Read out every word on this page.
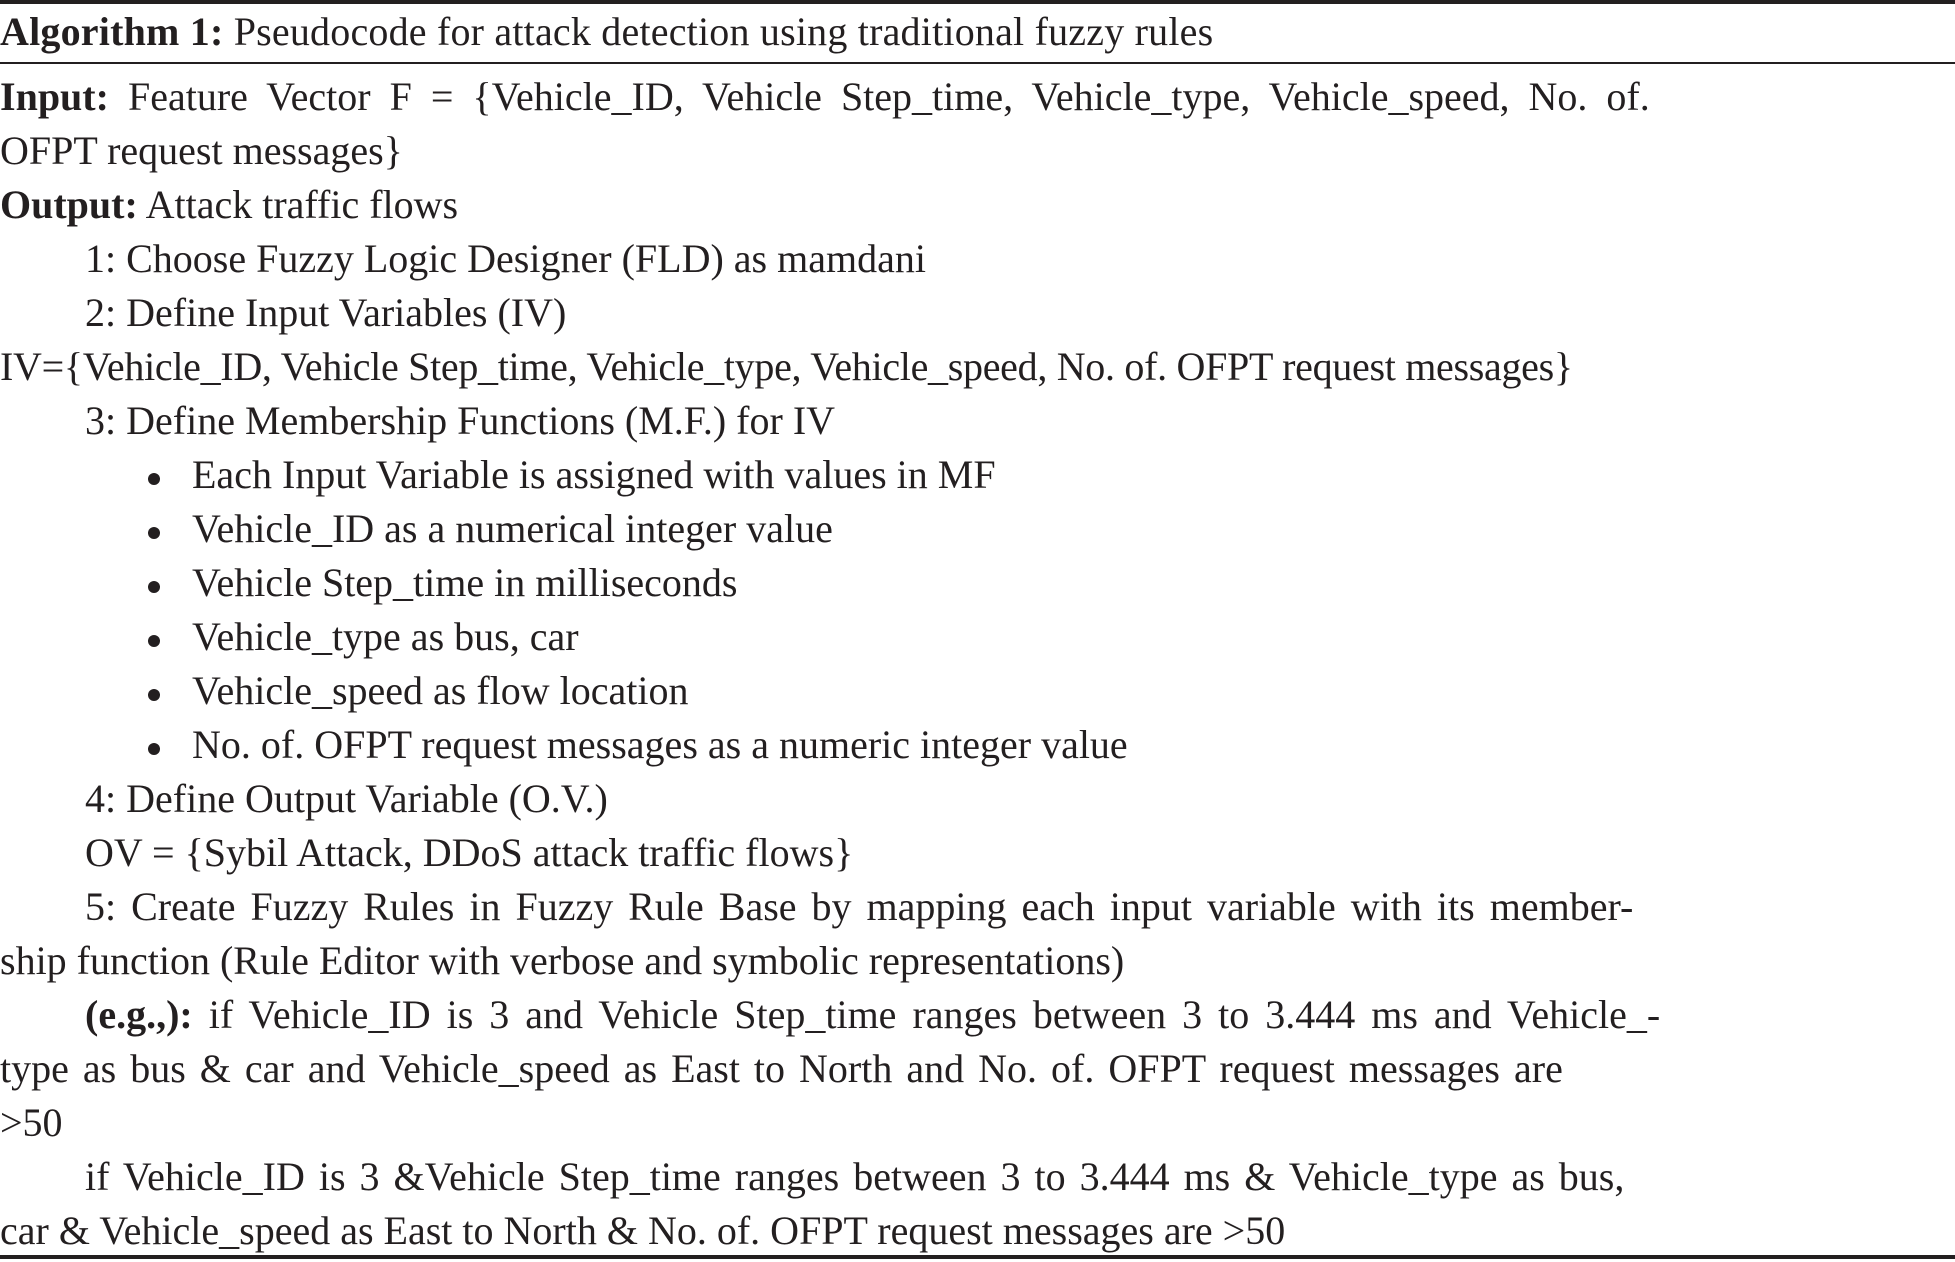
Algorithm 1: Pseudocode for attack detection using traditional fuzzy rules
Input: Feature Vector F = {Vehicle_ID, Vehicle Step_time, Vehicle_type, Vehicle_speed, No. of.
OFPT request messages}
Output: Attack traffic flows
1: Choose Fuzzy Logic Designer (FLD) as mamdani
2: Define Input Variables (IV)
IV={Vehicle_ID, Vehicle Step_time, Vehicle_type, Vehicle_speed, No. of. OFPT request messages}
3: Define Membership Functions (M.F.) for IV
Each Input Variable is assigned with values in MF
Vehicle_ID as a numerical integer value
Vehicle Step_time in milliseconds
Vehicle_type as bus, car
Vehicle_speed as flow location
No. of. OFPT request messages as a numeric integer value
4: Define Output Variable (O.V.)
OV = {Sybil Attack, DDoS attack traffic flows}
5: Create Fuzzy Rules in Fuzzy Rule Base by mapping each input variable with its member-
ship function (Rule Editor with verbose and symbolic representations)
(e.g.,): if Vehicle_ID is 3 and Vehicle Step_time ranges between 3 to 3.444 ms and Vehicle_-
type as bus & car and Vehicle_speed as East to North and No. of. OFPT request messages are
>50
if Vehicle_ID is 3 &Vehicle Step_time ranges between 3 to 3.444 ms & Vehicle_type as bus,
car & Vehicle_speed as East to North & No. of. OFPT request messages are >50
